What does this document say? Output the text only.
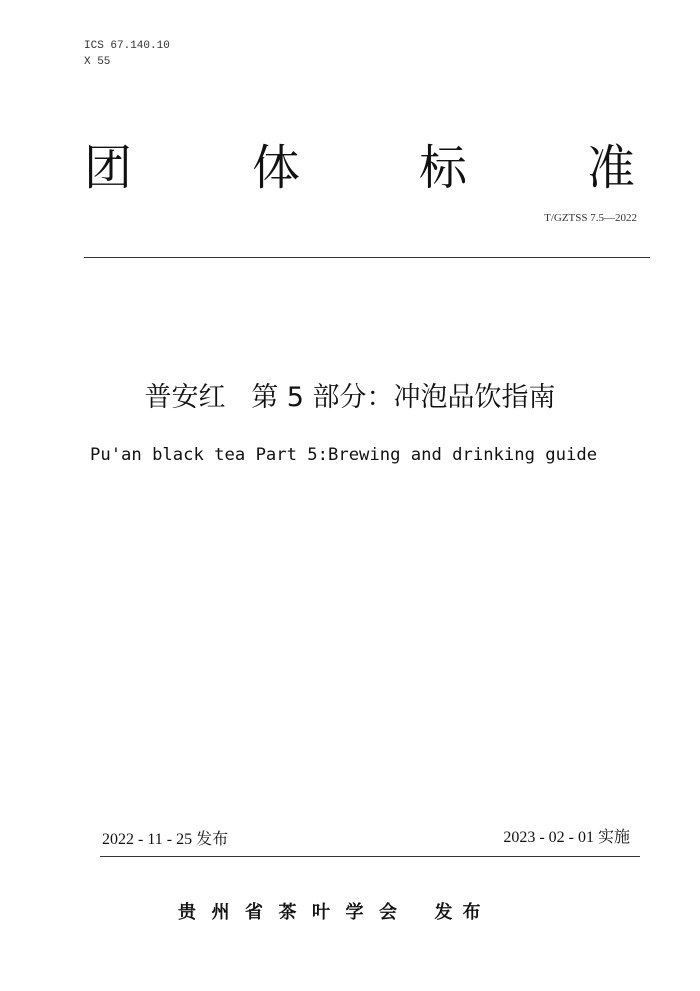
ICS 67.140.10
X 55
团 体 标 准
T/GZTSS 7.5—2022
普安红   第 5 部分：冲泡品饮指南
Pu'an black tea Part 5:Brewing and drinking guide
2022 - 11 - 25 发布	2023 - 02 - 01 实施
贵州省茶叶学会 发布
